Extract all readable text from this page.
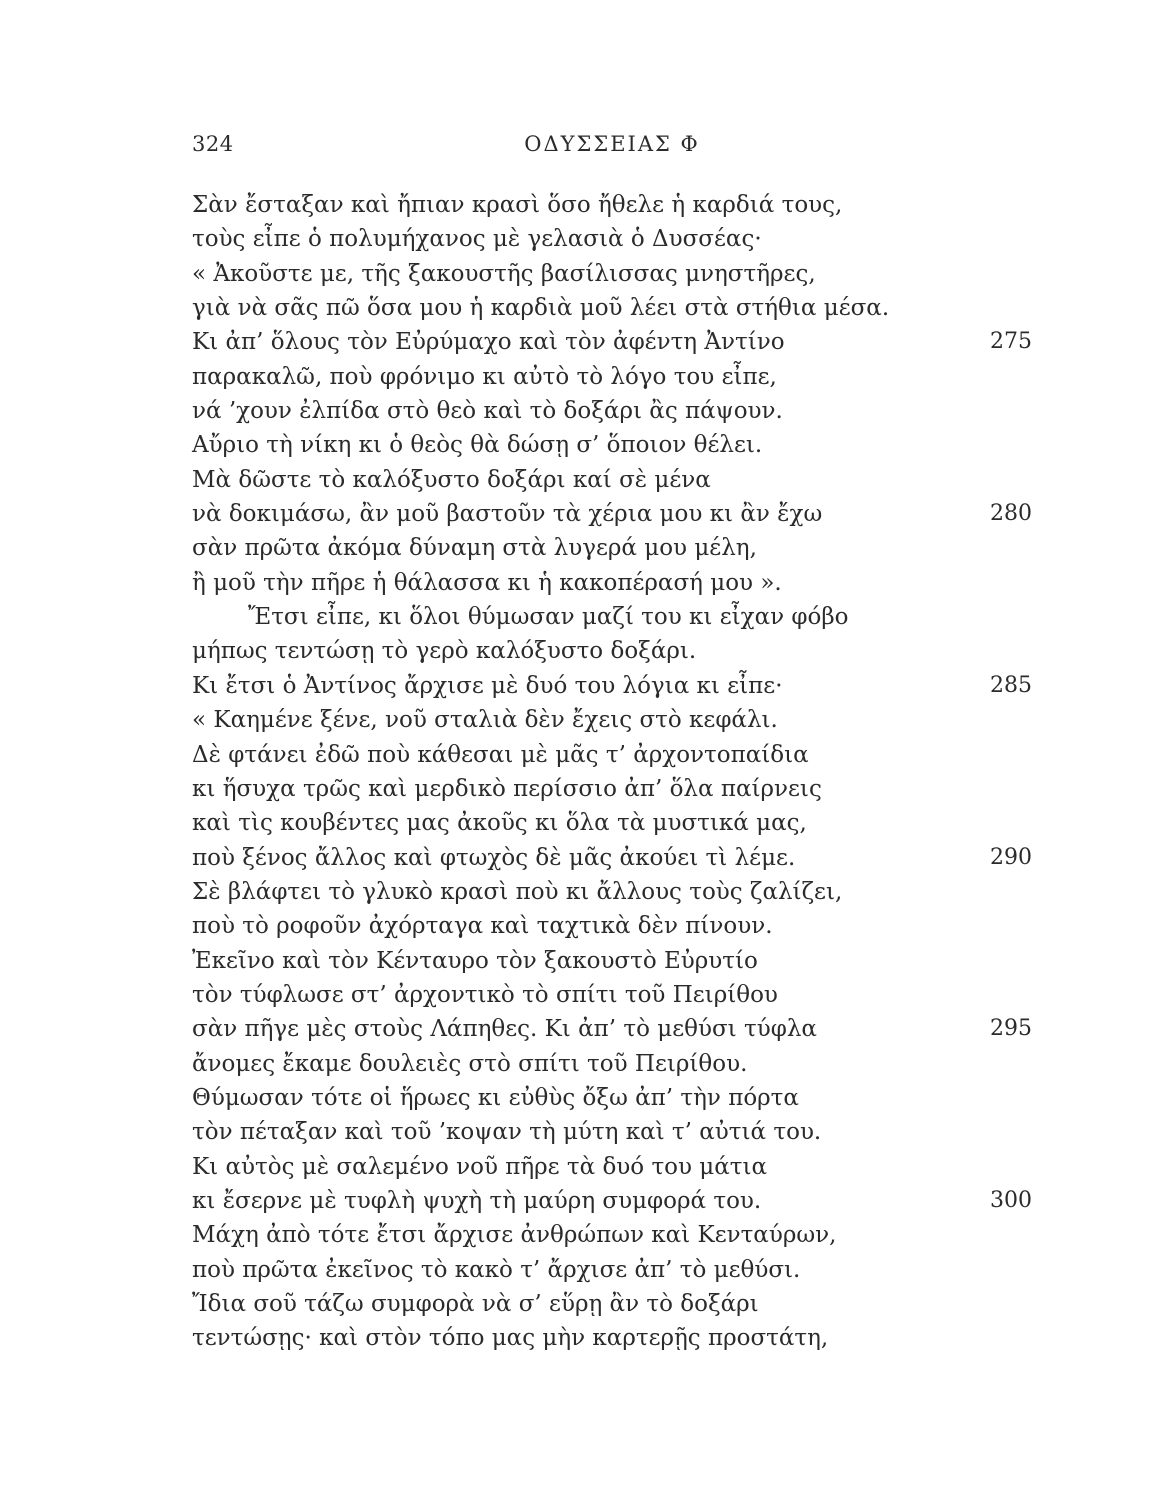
324	ΟΔΥΣΣΕΙΑΣ Φ
Σὰν ἔσταξαν καὶ ἤπιαν κρασὶ ὅσο ἤθελε ἡ καρδιά τους,
τοὺς εἶπε ὁ πολυμήχανος μὲ γελασιὰ ὁ Δυσσέας·
« Ἀκοῦστε με, τῆς ξακουστῆς βασίλισσας μνηστῆρες,
γιὰ νὰ σᾶς πῶ ὅσα μου ἡ καρδιὰ μοῦ λέει στὰ στήθια μέσα.
Κι ἀπ’ ὅλους τὸν Εὐρύμαχο καὶ τὸν ἀφέντη Ἀντίνο	275
παρακαλῶ, ποὺ φρόνιμο κι αὐτὸ τὸ λόγο του εἶπε,
νά ’χουν ἐλπίδα στὸ θεὸ καὶ τὸ δοξάρι ἂς πάψουν.
Αὔριο τὴ νίκη κι ὁ θεὸς θὰ δώσῃ σ’ ὅποιον θέλει.
Μὰ δῶστε τὸ καλόξυστο δοξάρι καί σὲ μένα
νὰ δοκιμάσω, ἂν μοῦ βαστοῦν τὰ χέρια μου κι ἂν ἔχω	280
σὰν πρῶτα ἀκόμα δύναμη στὰ λυγερά μου μέλη,
ἢ μοῦ τὴν πῆρε ἡ θάλασσα κι ἡ κακοπέρασή μου ».
Ἔτσι εἶπε, κι ὅλοι θύμωσαν μαζί του κι εἶχαν φόβο
μήπως τεντώσῃ τὸ γερὸ καλόξυστο δοξάρι.
Κι ἔτσι ὁ Ἀντίνος ἄρχισε μὲ δυό του λόγια κι εἶπε·	285
« Καημένε ξένε, νοῦ σταλιὰ δὲν ἔχεις στὸ κεφάλι.
Δὲ φτάνει ἐδῶ ποὺ κάθεσαι μὲ μᾶς τ’ ἀρχοντοπαίδια
κι ἥσυχα τρῶς καὶ μερδικὸ περίσσιο ἀπ’ ὅλα παίρνεις
καὶ τὶς κουβέντες μας ἀκοῦς κι ὅλα τὰ μυστικά μας,
ποὺ ξένος ἄλλος καὶ φτωχὸς δὲ μᾶς ἀκούει τὶ λέμε.	290
Σὲ βλάφτει τὸ γλυκὸ κρασὶ ποὺ κι ἄλλους τοὺς ζαλίζει,
ποὺ τὸ ροφοῦν ἀχόρταγα καὶ ταχτικὰ δὲν πίνουν.
Ἐκεῖνο καὶ τὸν Κένταυρο τὸν ξακουστὸ Εὐρυτίο
τὸν τύφλωσε στ’ ἀρχοντικὸ τὸ σπίτι τοῦ Πειρίθου
σὰν πῆγε μὲς στοὺς Λάπηθες. Κι ἀπ’ τὸ μεθύσι τύφλα	295
ἄνομες ἔκαμε δουλειὲς στὸ σπίτι τοῦ Πειρίθου.
Θύμωσαν τότε οἱ ἥρωες κι εὐθὺς ὄξω ἀπ’ τὴν πόρτα
τὸν πέταξαν καὶ τοῦ ’κοψαν τὴ μύτη καὶ τ’ αὐτιά του.
Κι αὐτὸς μὲ σαλεμένο νοῦ πῆρε τὰ δυό του μάτια
κι ἔσερνε μὲ τυφλὴ ψυχὴ τὴ μαύρη συμφορά του.	300
Μάχη ἀπὸ τότε ἔτσι ἄρχισε ἀνθρώπων καὶ Κενταύρων,
ποὺ πρῶτα ἐκεῖνος τὸ κακὸ τ’ ἄρχισε ἀπ’ τὸ μεθύσι.
Ἴδια σοῦ τάζω συμφορὰ νὰ σ’ εὕρῃ ἂν τὸ δοξάρι
τεντώσῃς· καὶ στὸν τόπο μας μὴν καρτερῇς προστάτη,
